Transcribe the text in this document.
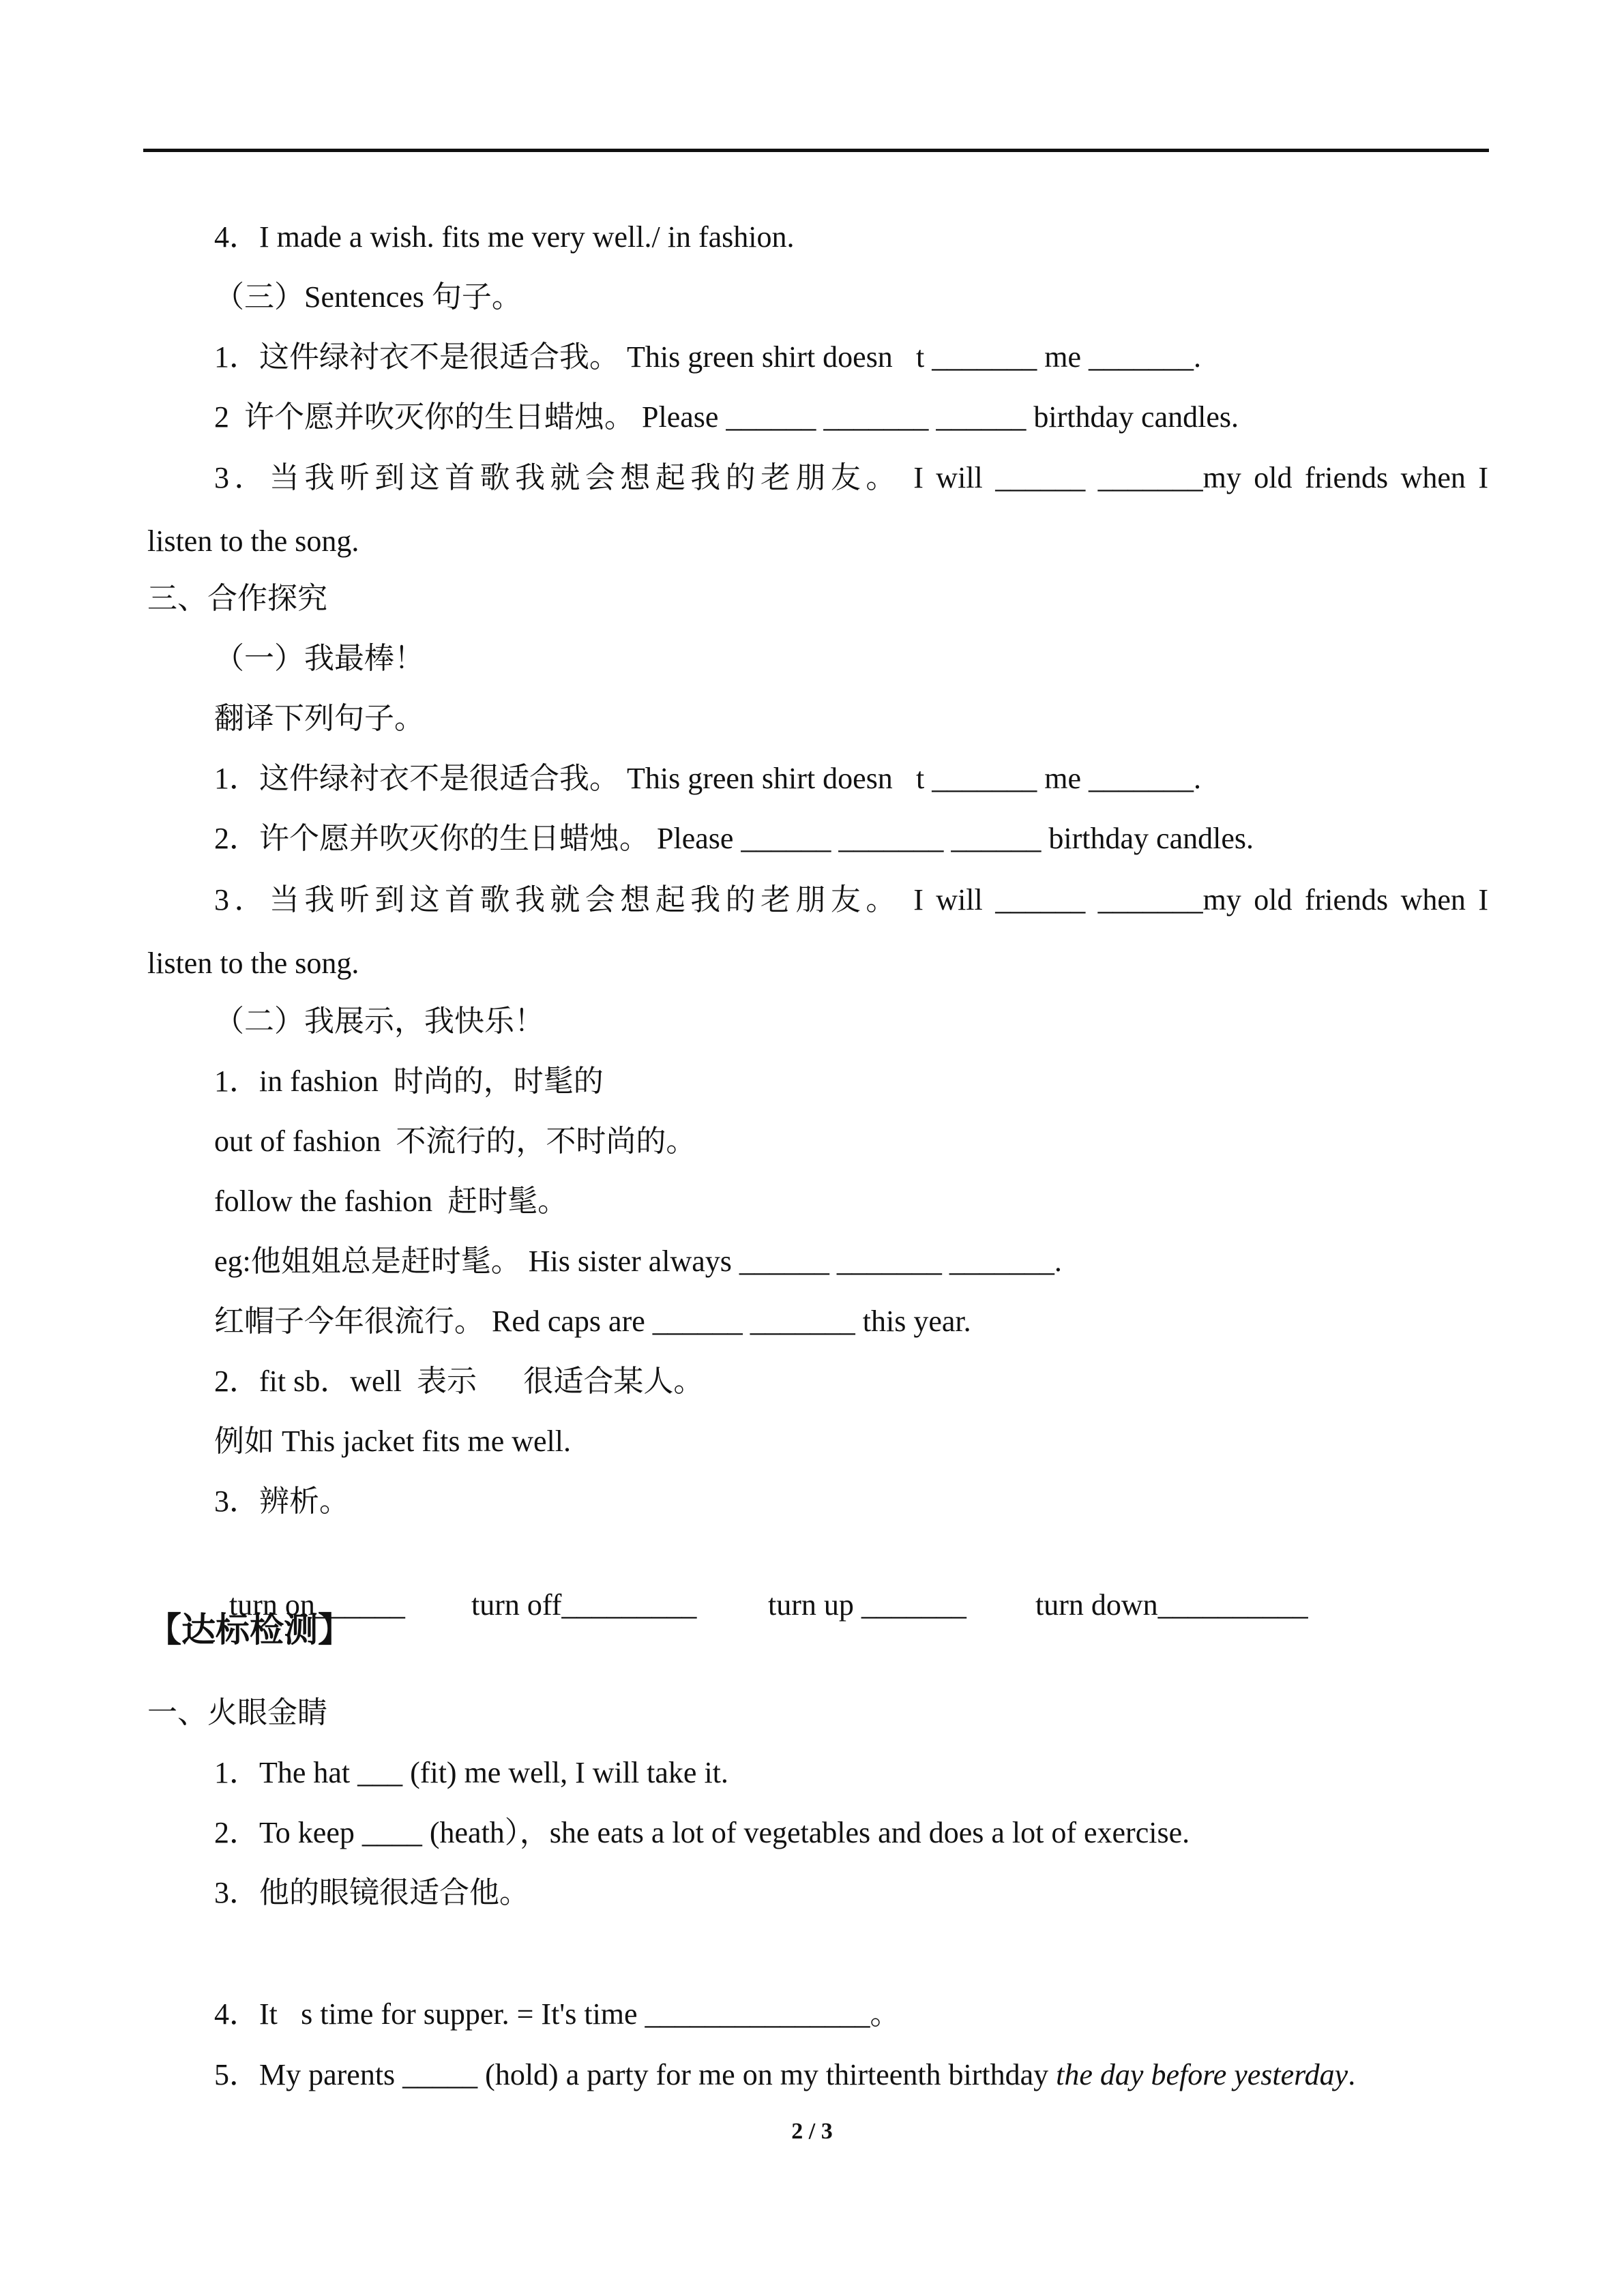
4．I made a wish. fits me very well./ in fashion.
（三）Sentences 句子。
1．这件绿衬衣不是很适合我。 This green shirt doesn t _______ me _______.
2  许个愿并吹灭你的生日蜡烛。 Please ______ _______ ______ birthday candles.
3．当我听到这首歌我就会想起我的老朋友。 I will ______ _______my old friends when I
listen to the song.
三、合作探究
（一）我最棒！
翻译下列句子。
1．这件绿衬衣不是很适合我。 This green shirt doesn t _______ me _______.
2．许个愿并吹灭你的生日蜡烛。 Please ______ _______ ______ birthday candles.
3．当我听到这首歌我就会想起我的老朋友。 I will ______ _______my old friends when I
listen to the song.
（二）我展示，我快乐！
1．in fashion  时尚的，时髦的  
out of fashion  不流行的，不时尚的。
follow the fashion  赶时髦。
eg:他姐姐总是赶时髦。 His sister always ______ _______ _______.
红帽子今年很流行。 Red caps are ______ _______ this year.
2．fit sb．well  表示  很适合某人。
例如 This jacket fits me well.
3．辨析。

turn on______ turn off_________ turn up _______ turn down__________

【达标检测】
一、火眼金睛
1．The hat ___ (fit) me well, I will take it.
2．To keep ____ (heath），she eats a lot of vegetables and does a lot of exercise.
3．他的眼镜很适合他。
4．It s time for supper. = It's time _______________。
5．My parents _____ (hold) a party for me on my thirteenth birthday the day before yesterday.
2 / 3
